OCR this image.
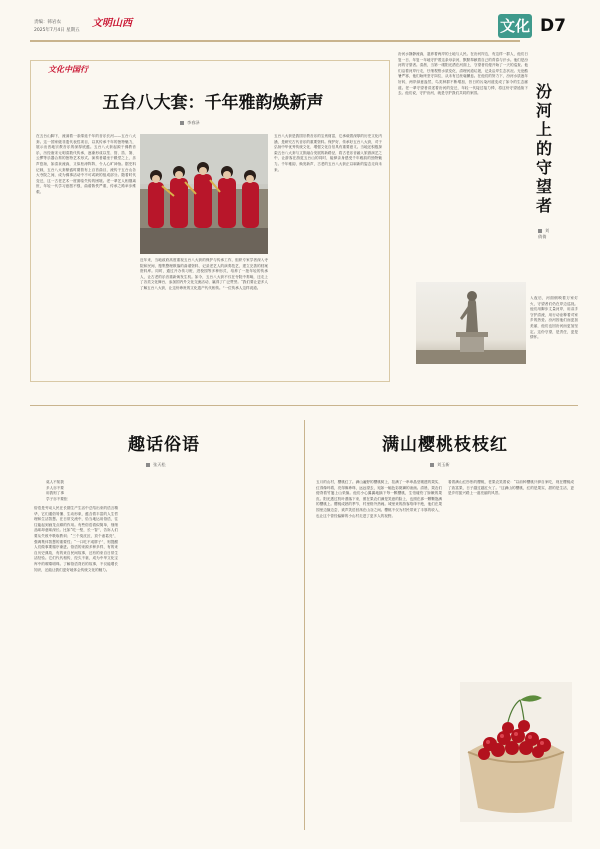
责编：韩岩农
2025年7月4日 星期五
文明山西	文化 D7
文化中国行
五台八大套：千年雅韵焕新声
李春泽
在五台山脚下，流淌着一条绵延千年的音乐长河——五台八大套。这一国家级非遗代表性项目，以其传承千年的独特魅力，展示出晋地宗教音乐的深厚底蕴。五台八大套起源于佛教音乐，历经唐宋元明清数代传承，逐渐形成以笙、管、笛、箫、云锣等乐器合奏的独特艺术形式。演奏者端坐于殿堂之上，乐声悠扬，如清泉流淌，又似松涛阵阵，令人心旷神怡。据史料记载，五台八大套鼎盛时期曾有上百首曲目，流传于五台山各大寺院之间，成为佛事活动中不可或缺的组成部分。随着时代变迁，这一古老艺术一度面临失传的困境。老一辈艺人相继离世，年轻一代学习意愿不强，曲谱散佚严重，传承之路举步维艰。
近年来，当地政府高度重视五台八大套的保护与传承工作，组织专家学者深入寺院和民间，搜集整理散落的曲谱资料，记录老艺人的演奏技艺，建立完善的档案资料库。同时，通过开办传习班、进校园等多种形式，培养了一批年轻的传承人，让古老的乐音重新焕发生机。如今，五台八大套不仅在寺院中奏响，还走上了各类文化舞台，参加国内外文化交流活动，赢得了广泛赞誉。“我们要让更多人了解五台八大套，让这份珍贵的文化遗产代代相传。”一位传承人这样说道。
五台八大套是我国宗教音乐的宝贵财富，它承载着深厚的历史文化内涵，是研究古代音乐的重要资料。保护好、传承好五台八大套，对于弘扬中华优秀传统文化、增强文化自信具有重要意义。当地还积极探索五台八大套与文旅融合发展的新路径，将古老乐音融入旅游演艺之中，让游客在游览五台山的同时，能够亲身感受千年雅韵的独特魅力。千年雅韵，焕发新声，古老的五台八大套正以崭新的姿态走向未来。
汾河水静静流淌，滋养着两岸的土地与人民。在汾河岸边，有这样一群人，他们日复一日、年复一年地守护着这条母亲河，默默奉献着自己的青春与汗水。他们是汾河的守望者。清晨，当第一缕阳光洒在河面上，守望者们便开始了一天的巡查。他们沿着河岸行走，仔细观察水质变化，清理河道垃圾，记录沿岸生态状况。无论酷暑严寒，他们始终坚守岗位，从未有过丝毫懈怠。在他们的努力下，汾河水质逐年好转，两岸绿意盎然，鸟类种群不断增加，昔日的污染河道变成了如今的生态廊道。老一辈守望者讲述着汾河的变迁，年轻一代接过接力棒，将这份守望延续下去。他们说，守护汾河，就是守护我们共同的家园。	汾河上的守望者
刘倩倩
入夜后，河面倒映着万家灯火，守望者们仍在岸边巡视。他们用脚步丈量河岸，用双手守护清流，用行动诠释着对家乡的热爱。汾河因他们而更加美丽，他们也因汾河而更加坚定。这份守望，是责任，更是情怀。
趣话俗语
张天松
莫人不知我
多人亦不要
用我则了事
学子亦不要拒
俗语是劳动人民在长期生产生活中总结出来的语言精华，它们通俗易懂、生动形象，蕴含着丰富的人生哲理和生活智慧。在日常交流中，恰当地运用俗语，往往能起到画龙点睛的作用。有些俗语看似简单，细细品味却意味深长。比如“吃一堑，长一智”，告诉人们要从失败中吸取教训；“三个臭皮匠，顶个诸葛亮”，强调集体智慧的重要性；“一口吃不成胖子”，则提醒人们做事要循序渐进。俗语的来源多种多样，有的来自历史典故，有的来自民间故事，还有的来自日常生活经验。它们代代相传，经久不衰，成为中华文化宝库中的璀璨明珠。了解俗语背后的故事，不仅能增长知识，还能让我们更好地体会传统文化的魅力。
满山樱桃枝枝红
刘玉新
五月的山村，樱桃红了。满山遍野的樱桃树上，挂满了一串串晶莹剔透的果实，红得像玛瑙，亮得像珍珠，远远望去，宛如一幅色彩斑斓的油画。清晨，果农们便背着竹篓上山采摘。他们小心翼翼地摘下每一颗樱桃，生怕碰伤了娇嫩的果皮。阳光透过枝叶洒落下来，照在果农们满是笑意的脸上，也照在那一颗颗饱满的樱桃上。樱桃成熟的季节，村里格外热闹。城里来的游客络绎不绝，他们在果园里边摘边尝，欢声笑语回荡在山谷之间。樱桃不仅为村民带来了丰厚的收入，也让这个曾经偏僻的小山村走进了更多人的视野。
看着满山红彤彤的樱桃，老果农笑着说：“以前种樱桃只够自家吃，现在樱桃成了致富果，日子越过越红火了。”这满山的樱桃，红的是果实，甜的是生活，更是乡村振兴路上一道亮丽的风景。
